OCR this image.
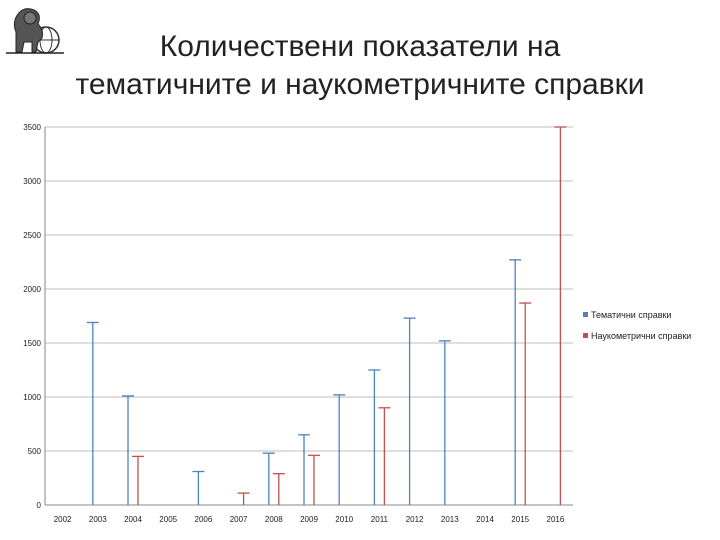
Количествени показатели на
тематичните и наукометричните справки
0
500
1000
1500
2000
2500
3000
3500
2002 2003 2004 2005 2006 2007 2008 2009 2010 2011 2012 2013 2014 2015 2016
Тематични справки
Наукометрични справки
